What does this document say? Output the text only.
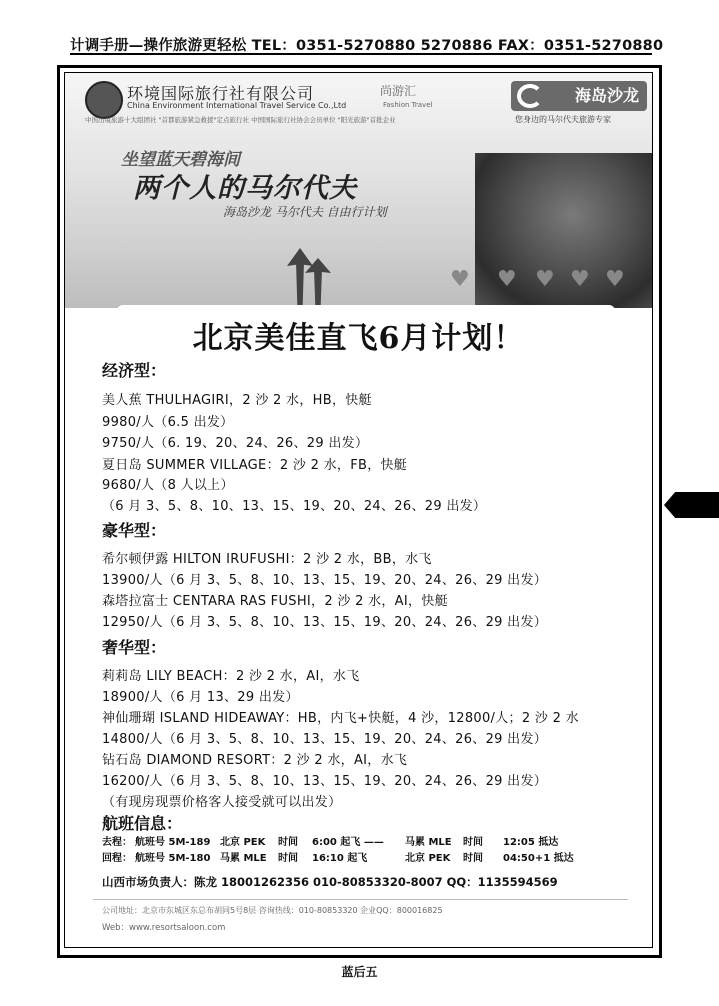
计调手册—操作旅游更轻松 TEL：0351-5270880 5270886 FAX：0351-5270880
环境国际旅行社有限公司
China Environment International Travel Service Co.,Ltd
尚游汇
Fashion Travel	海岛沙龙
中国出境旅游十大组团社 "首都旅游紧急救援"定点旅行社 中国国际旅行社协会会员单位 "阳光旅游"首批企业	您身边的马尔代夫旅游专家
坐望蓝天碧海间
两个人的马尔代夫
海岛沙龙 马尔代夫 自由行计划
♥ ♥ ♥ ♥ ♥
北京美佳直飞6月计划！
经济型：
美人蕉 THULHAGIRI，2 沙 2 水，HB，快艇
9980/人（6.5 出发）
9750/人（6. 19、20、24、26、29 出发）
夏日岛 SUMMER VILLAGE：2 沙 2 水，FB，快艇
9680/人（8 人以上）
（6 月 3、5、8、10、13、15、19、20、24、26、29 出发）
豪华型：
希尔顿伊露 HILTON IRUFUSHI：2 沙 2 水，BB，水飞
13900/人（6 月 3、5、8、10、13、15、19、20、24、26、29 出发）
森塔拉富士 CENTARA RAS FUSHI，2 沙 2 水，AI，快艇
12950/人（6 月 3、5、8、10、13、15、19、20、24、26、29 出发）
奢华型：
莉莉岛 LILY BEACH：2 沙 2 水，AI，水飞
18900/人（6 月 13、29 出发）
神仙珊瑚 ISLAND HIDEAWAY：HB，内飞+快艇，4 沙，12800/人；2 沙 2 水
14800/人（6 月 3、5、8、10、13、15、19、20、24、26、29 出发）
钻石岛 DIAMOND RESORT：2 沙 2 水，AI，水飞
16200/人（6 月 3、5、8、10、13、15、19、20、24、26、29 出发）
（有现房现票价格客人接受就可以出发）
航班信息：
去程： 航班号 5M-189 北京 PEK 时间 6:00 起飞 —— 马累 MLE 时间 12:05 抵达
回程： 航班号 5M-180 马累 MLE 时间 16:10 起飞	北京 PEK 时间 04:50+1 抵达
山西市场负责人：陈龙 18001262356 010-80853320-8007 QQ：1135594569
公司地址：北京市东城区东总布胡同5号8层 咨询热线：010-80853320 企业QQ：800016825
Web：www.resortsaloon.com
蓝后五
